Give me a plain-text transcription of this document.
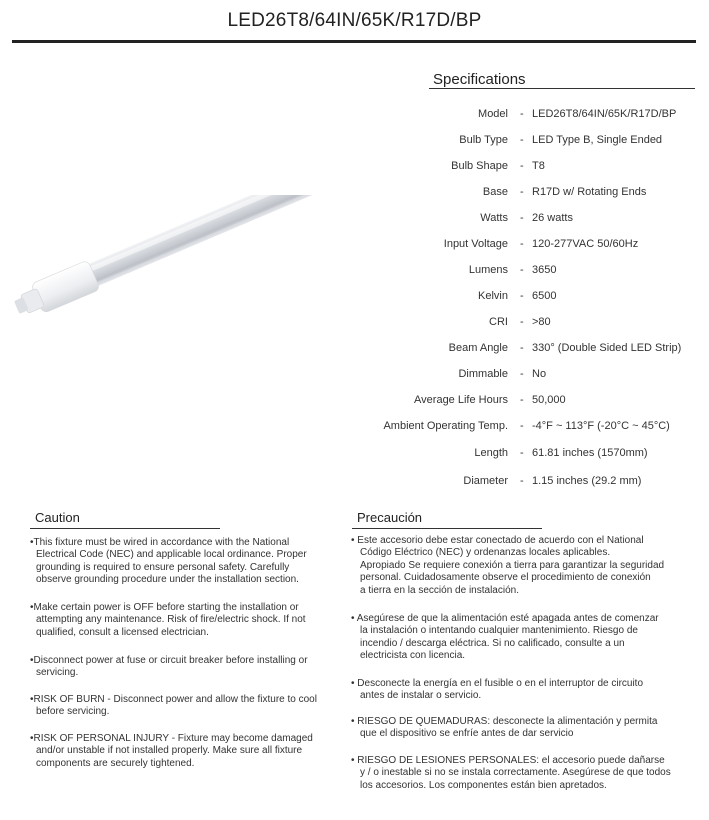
LED26T8/64IN/65K/R17D/BP
Specifications
Model - LED26T8/64IN/65K/R17D/BP
Bulb Type - LED Type B, Single Ended
Bulb Shape - T8
Base - R17D w/ Rotating Ends
Watts - 26 watts
Input Voltage - 120-277VAC 50/60Hz
Lumens - 3650
Kelvin - 6500
CRI - >80
Beam Angle - 330° (Double Sided LED Strip)
Dimmable - No
Average Life Hours - 50,000
Ambient Operating Temp. - -4°F ~ 113°F (-20°C ~ 45°C)
Length - 61.81 inches (1570mm)
Diameter - 1.15 inches (29.2 mm)
Caution
•This fixture must be wired in accordance with the National
Electrical Code (NEC) and applicable local ordinance. Proper
grounding is required to ensure personal safety. Carefully
observe grounding procedure under the installation section.
•Make certain power is OFF before starting the installation or
attempting any maintenance. Risk of fire/electric shock. If not
qualified, consult a licensed electrician.
•Disconnect power at fuse or circuit breaker before installing or
servicing.
•RISK OF BURN - Disconnect power and allow the fixture to cool
before servicing.
•RISK OF PERSONAL INJURY - Fixture may become damaged
and/or unstable if not installed properly. Make sure all fixture
components are securely tightened.
Precaución
• Este accesorio debe estar conectado de acuerdo con el National
Código Eléctrico (NEC) y ordenanzas locales aplicables.
Apropiado Se requiere conexión a tierra para garantizar la seguridad
personal. Cuidadosamente observe el procedimiento de conexión
a tierra en la sección de instalación.
• Asegúrese de que la alimentación esté apagada antes de comenzar
la instalación o intentando cualquier mantenimiento. Riesgo de
incendio / descarga eléctrica. Si no calificado, consulte a un
electricista con licencia.
• Desconecte la energía en el fusible o en el interruptor de circuito
antes de instalar o servicio.
• RIESGO DE QUEMADURAS: desconecte la alimentación y permita
que el dispositivo se enfríe antes de dar servicio
• RIESGO DE LESIONES PERSONALES: el accesorio puede dañarse
y / o inestable si no se instala correctamente. Asegúrese de que todos
los accesorios. Los componentes están bien apretados.
